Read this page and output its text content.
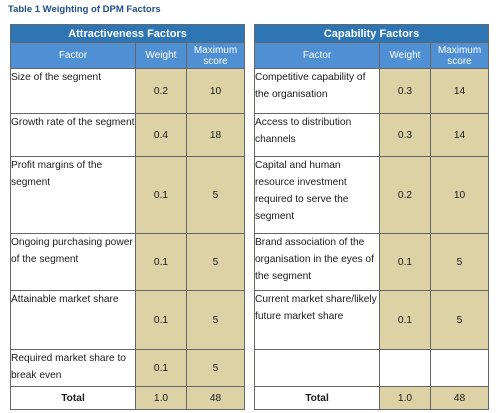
Table 1 Weighting of DPM Factors
Attractiveness Factors		
Factor	Weight	Maximum score
Size of the segment	0.2	10
Growth rate of the segment	0.4	18
Profit margins of the segment	0.1	5
Ongoing purchasing power of the segment	0.1	5
Attainable market share	0.1	5
Required market share to break even	0.1	5
Total	1.0	48
Capability Factors		
Factor	Weight	Maximum score
Competitive capability of the organisation	0.3	14
Access to distribution channels	0.3	14
Capital and human resource investment required to serve the segment	0.2	10
Brand association of the organisation in the eyes of the segment	0.1	5
Current market share/likely future market share	0.1	5

Total	1.0	48
